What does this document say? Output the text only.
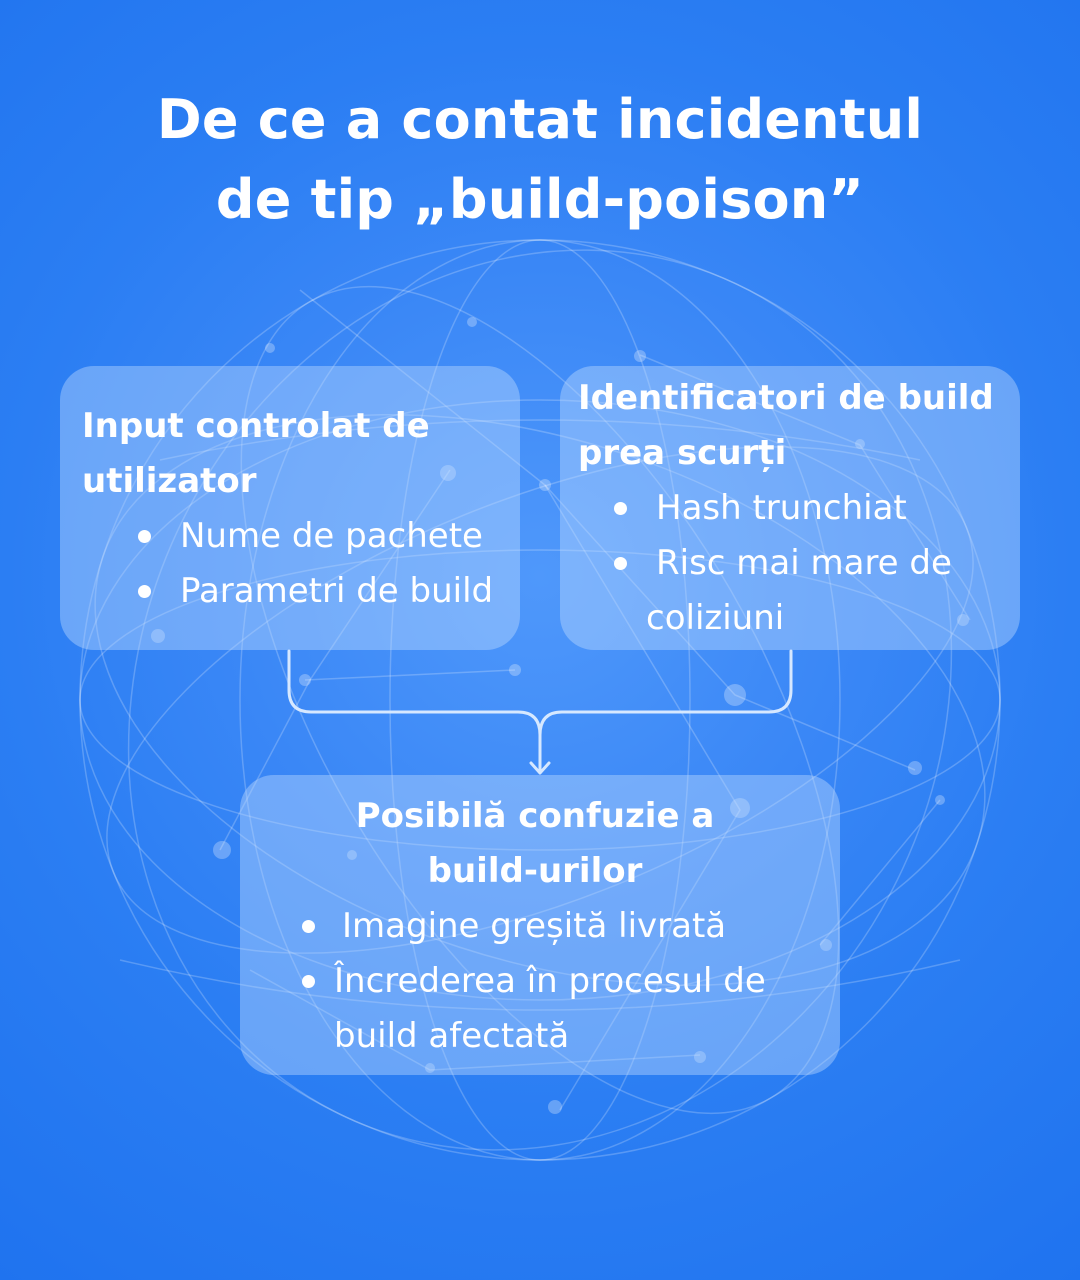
De ce a contat incidentul
de tip „build-poison”

Input controlat de
utilizator

Nume de pachete
Parametri de build

Identificatori de build
prea scurți

Hash trunchiat
Risc mai mare de
coliziuni

Posibilă confuzie a
build-urilor

Imagine greșită livrată
Încrederea în procesul de
build afectată
